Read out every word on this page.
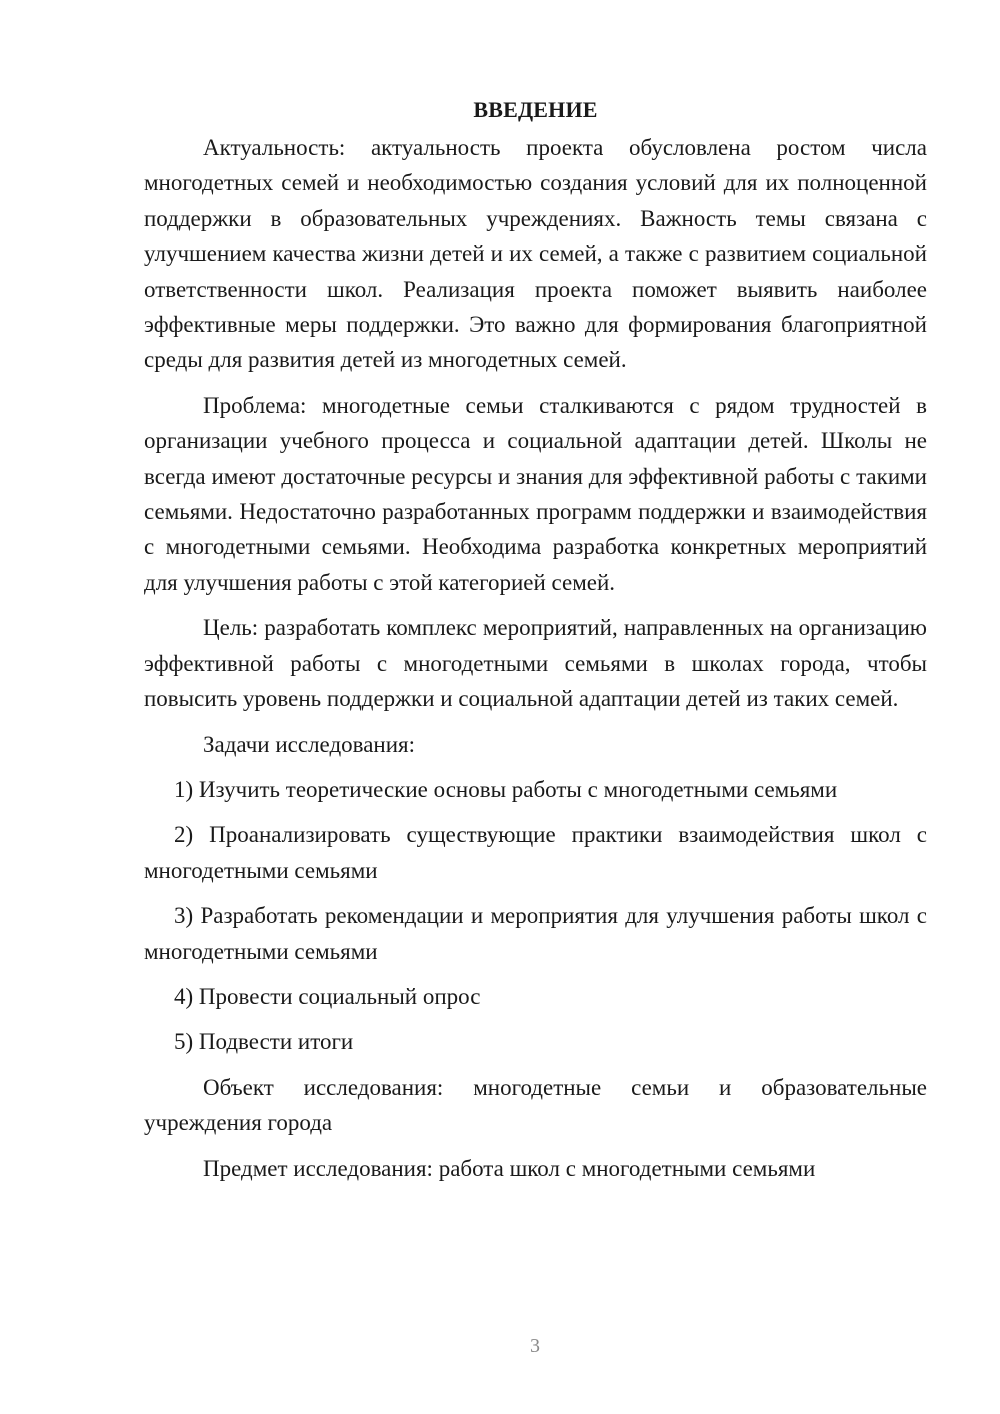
ВВЕДЕНИЕ

Актуальность: актуальность проекта обусловлена ростом числа многодетных семей и необходимостью создания условий для их полноценной поддержки в образовательных учреждениях. Важность темы связана с улучшением качества жизни детей и их семей, а также с развитием социальной ответственности школ. Реализация проекта поможет выявить наиболее эффективные меры поддержки. Это важно для формирования благоприятной среды для развития детей из многодетных семей.

Проблема: многодетные семьи сталкиваются с рядом трудностей в организации учебного процесса и социальной адаптации детей. Школы не всегда имеют достаточные ресурсы и знания для эффективной работы с такими семьями. Недостаточно разработанных программ поддержки и взаимодействия с многодетными семьями. Необходима разработка конкретных мероприятий для улучшения работы с этой категорией семей.

Цель: разработать комплекс мероприятий, направленных на организацию эффективной работы с многодетными семьями в школах города, чтобы повысить уровень поддержки и социальной адаптации детей из таких семей.

Задачи исследования:

1) Изучить теоретические основы работы с многодетными семьями

2) Проанализировать существующие практики взаимодействия школ с многодетными семьями

3) Разработать рекомендации и мероприятия для улучшения работы школ с многодетными семьями

4) Провести социальный опрос

5) Подвести итоги

Объект исследования: многодетные семьи и образовательные учреждения города

Предмет исследования: работа школ с многодетными семьями

3
